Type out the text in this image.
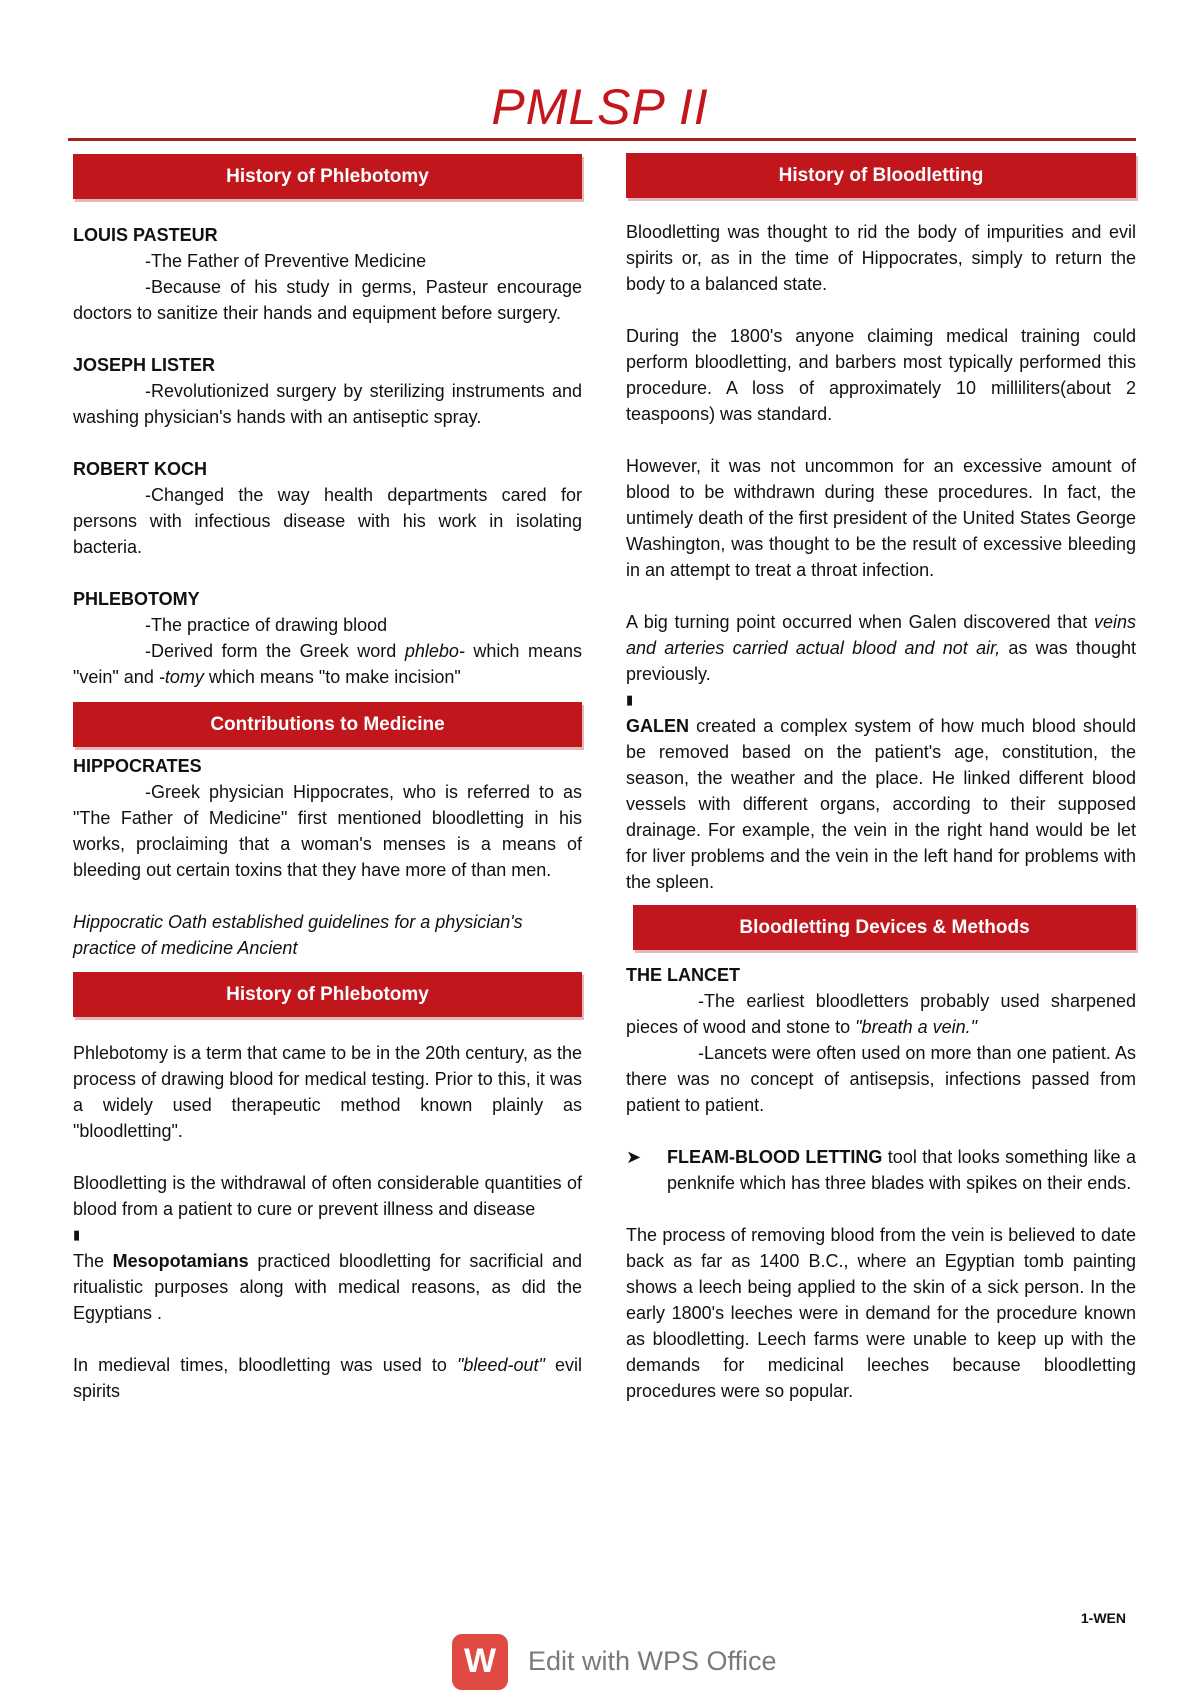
PMLSP II
History of Phlebotomy

LOUIS PASTEUR

-The Father of Preventive Medicine

-Because of his study in germs, Pasteur encourage doctors to sanitize their hands and equipment before surgery.

JOSEPH LISTER

-Revolutionized surgery by sterilizing instruments and washing physician's hands with an antiseptic spray.

ROBERT KOCH

-Changed the way health departments cared for persons with infectious disease with his work in isolating bacteria.

PHLEBOTOMY

-The practice of drawing blood

-Derived form the Greek word phlebo- which means "vein" and -tomy which means "to make incision"

Contributions to Medicine

HIPPOCRATES

-Greek physician Hippocrates, who is referred to as "The Father of Medicine" first mentioned bloodletting in his works, proclaiming that a woman's menses is a means of bleeding out certain toxins that they have more of than men.

Hippocratic Oath established guidelines for a physician's

practice of medicine Ancient

History of Phlebotomy

Phlebotomy is a term that came to be in the 20th century, as the process of drawing blood for medical testing. Prior to this, it was a widely used therapeutic method known plainly as "bloodletting".

Bloodletting is the withdrawal of often considerable quantities of blood from a patient to cure or prevent illness and disease

▮

The Mesopotamians practiced bloodletting for sacrificial and ritualistic purposes along with medical reasons, as did the Egyptians .

In medieval times, bloodletting was used to "bleed-out" evil spirits

History of Bloodletting

Bloodletting was thought to rid the body of impurities and evil spirits or, as in the time of Hippocrates, simply to return the body to a balanced state.

During the 1800's anyone claiming medical training could perform bloodletting, and barbers most typically performed this procedure. A loss of approximately 10 milliliters(about 2 teaspoons) was standard.

However, it was not uncommon for an excessive amount of blood to be withdrawn during these procedures. In fact, the untimely death of the first president of the United States George Washington, was thought to be the result of excessive bleeding in an attempt to treat a throat infection.

A big turning point occurred when Galen discovered that veins and arteries carried actual blood and not air, as was thought previously.

▮

GALEN created a complex system of how much blood should be removed based on the patient's age, constitution, the season, the weather and the place. He linked different blood vessels with different organs, according to their supposed drainage. For example, the vein in the right hand would be let for liver problems and the vein in the left hand for problems with the spleen.

Bloodletting Devices & Methods

THE LANCET

-The earliest bloodletters probably used sharpened pieces of wood and stone to "breath a vein."

-Lancets were often used on more than one patient. As there was no concept of antisepsis, infections passed from patient to patient.

➤ FLEAM-BLOOD LETTING tool that looks something like a penknife which has three blades with spikes on their ends.

The process of removing blood from the vein is believed to date back as far as 1400 B.C., where an Egyptian tomb painting shows a leech being applied to the skin of a sick person. In the early 1800's leeches were in demand for the procedure known as bloodletting. Leech farms were unable to keep up with the demands for medicinal leeches because bloodletting procedures were so popular.

1-WEN
W	Edit with WPS Office
